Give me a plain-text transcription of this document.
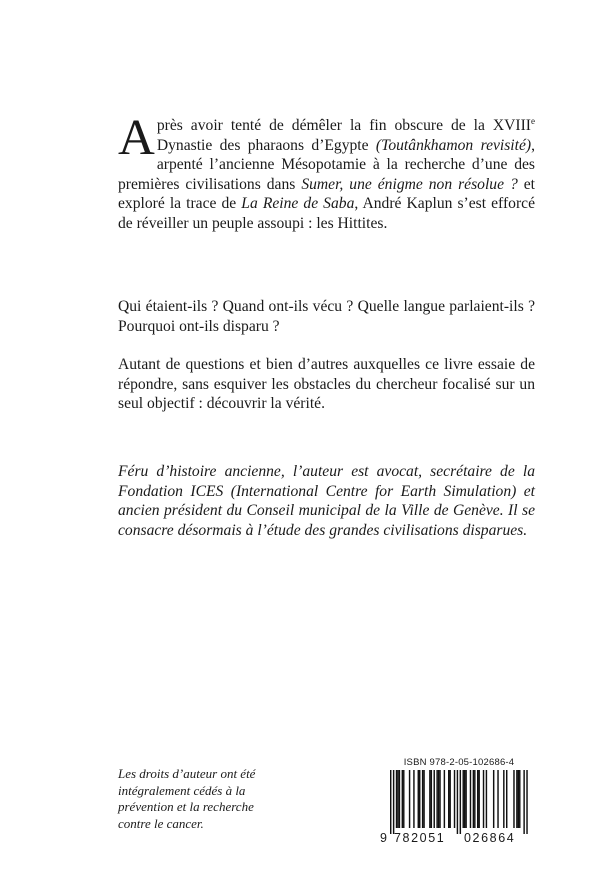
Après avoir tenté de démêler la fin obscure de la XVIIIe Dynastie des pharaons d’Egypte (Toutânkhamon revisité), arpenté l’ancienne Mésopotamie à la recherche d’une des premières civilisations dans Sumer, une énigme non résolue ? et exploré la trace de La Reine de Saba, André Kaplun s’est efforcé de réveiller un peuple assoupi : les Hittites.

Qui étaient-ils ? Quand ont-ils vécu ? Quelle langue parlaient-ils ? Pourquoi ont-ils disparu ?

Autant de questions et bien d’autres auxquelles ce livre essaie de répondre, sans esquiver les obstacles du chercheur focalisé sur un seul objectif : découvrir la vérité.

Féru d’histoire ancienne, l’auteur est avocat, secrétaire de la Fondation ICES (International Centre for Earth Simulation) et ancien président du Conseil municipal de la Ville de Genève. Il se consacre désormais à l’étude des grandes civilisations disparues.

Les droits d’auteur ont été intégralement cédés à la prévention et la recherche contre le cancer.

ISBN 978-2-05-102686-4
9 782051 026864
